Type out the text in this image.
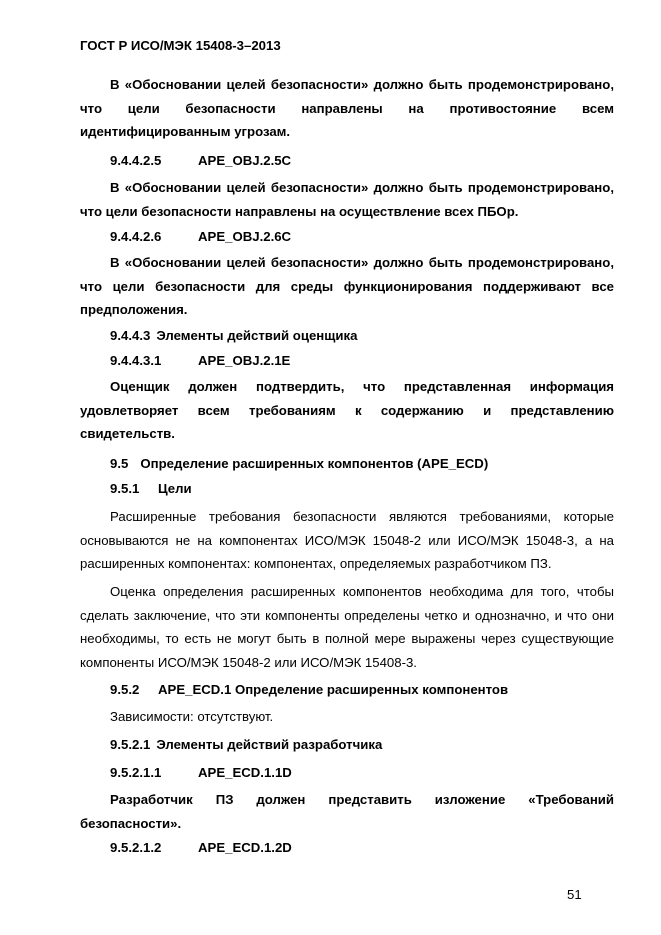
ГОСТ Р ИСО/МЭК 15408-3–2013

В «Обосновании целей безопасности» должно быть продемонстрировано, что цели безопасности направлены на противостояние всем идентифицированным угрозам.

9.4.4.2.5	APE_OBJ.2.5C

В «Обосновании целей безопасности» должно быть продемонстрировано, что цели безопасности направлены на осуществление всех ПБОр.

9.4.4.2.6	APE_OBJ.2.6C

В «Обосновании целей безопасности» должно быть продемонстрировано, что цели безопасности для среды функционирования поддерживают все предположения.

9.4.4.3 Элементы действий оценщика
9.4.4.3.1	APE_OBJ.2.1E

Оценщик должен подтвердить, что представленная информация удовлетворяет всем требованиям к содержанию и представлению свидетельств.

9.5 Определение расширенных компонентов (APE_ECD)
9.5.1 Цели

Расширенные требования безопасности являются требованиями, которые основываются не на компонентах ИСО/МЭК 15048-2 или ИСО/МЭК 15048-3, а на расширенных компонентах: компонентах, определяемых разработчиком ПЗ.

Оценка определения расширенных компонентов необходима для того, чтобы сделать заключение, что эти компоненты определены четко и однозначно, и что они необходимы, то есть не могут быть в полной мере выражены через существующие компоненты ИСО/МЭК 15048-2 или ИСО/МЭК 15408-3.

9.5.2 APE_ECD.1 Определение расширенных компонентов

Зависимости: отсутствуют.

9.5.2.1 Элементы действий разработчика
9.5.2.1.1	APE_ECD.1.1D

Разработчик ПЗ должен представить изложение «Требований безопасности».

9.5.2.1.2	APE_ECD.1.2D
51
